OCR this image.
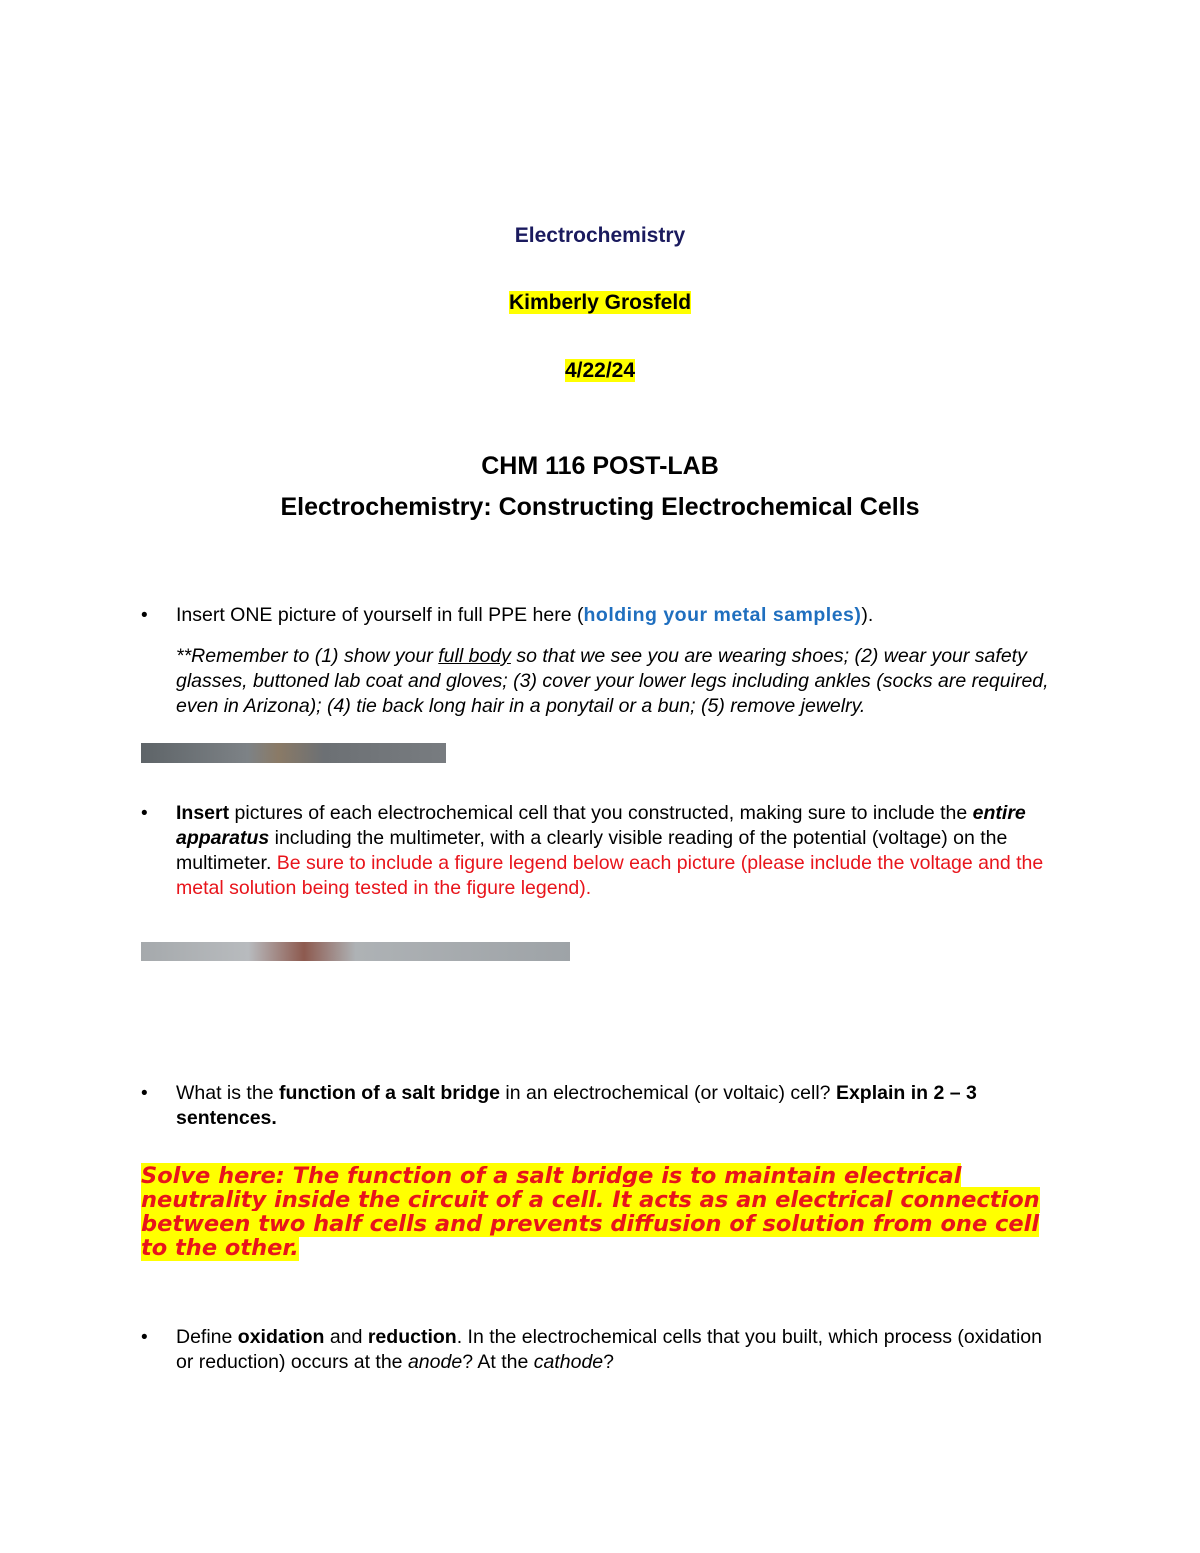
Electrochemistry
Kimberly Grosfeld
4/22/24
CHM 116 POST-LAB
Electrochemistry: Constructing Electrochemical Cells
• Insert ONE picture of yourself in full PPE here (holding your metal samples)).
**Remember to (1) show your full body so that we see you are wearing shoes; (2) wear your safety glasses, buttoned lab coat and gloves; (3) cover your lower legs including ankles (socks are required, even in Arizona); (4) tie back long hair in a ponytail or a bun; (5) remove jewelry.
• Insert pictures of each electrochemical cell that you constructed, making sure to include the entire apparatus including the multimeter, with a clearly visible reading of the potential (voltage) on the multimeter. Be sure to include a figure legend below each picture (please include the voltage and the metal solution being tested in the figure legend).
• What is the function of a salt bridge in an electrochemical (or voltaic) cell? Explain in 2 – 3 sentences.
Solve here: The function of a salt bridge is to maintain electrical neutrality inside the circuit of a cell. It acts as an electrical connection between two half cells and prevents diffusion of solution from one cell to the other.
• Define oxidation and reduction. In the electrochemical cells that you built, which process (oxidation or reduction) occurs at the anode? At the cathode?
